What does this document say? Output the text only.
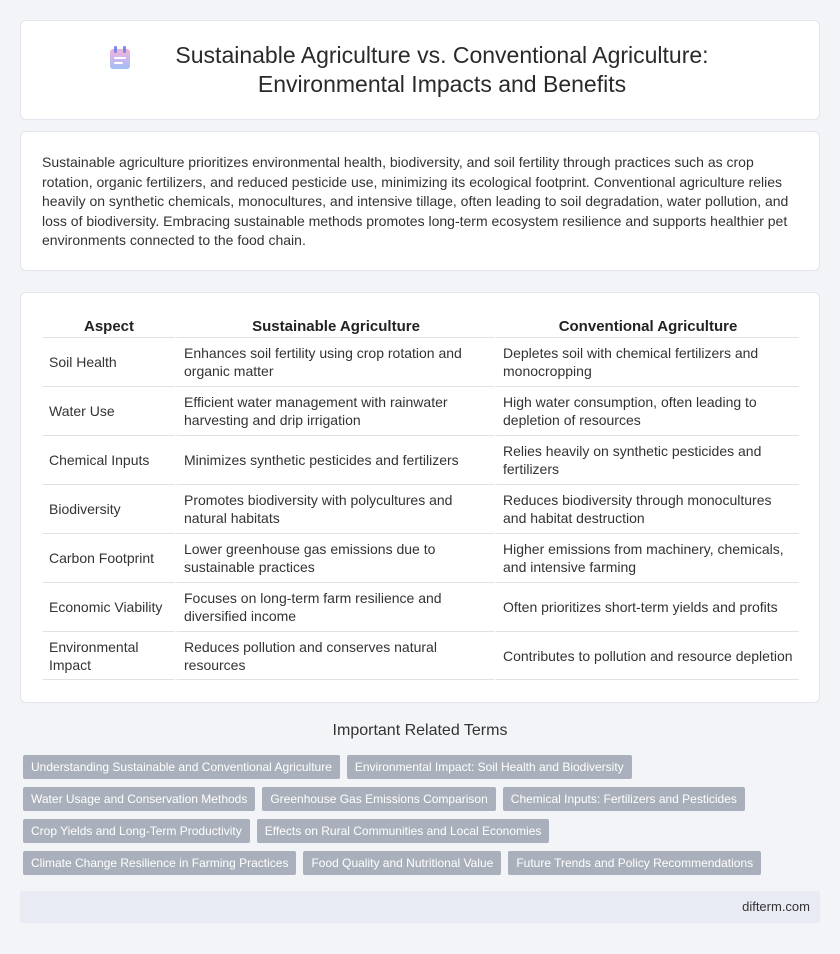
Sustainable Agriculture vs. Conventional Agriculture: Environmental Impacts and Benefits

Sustainable agriculture prioritizes environmental health, biodiversity, and soil fertility through practices such as crop rotation, organic fertilizers, and reduced pesticide use, minimizing its ecological footprint. Conventional agriculture relies heavily on synthetic chemicals, monocultures, and intensive tillage, often leading to soil degradation, water pollution, and loss of biodiversity. Embracing sustainable methods promotes long-term ecosystem resilience and supports healthier pet environments connected to the food chain.

Aspect	Sustainable Agriculture	Conventional Agriculture
Soil Health	Enhances soil fertility using crop rotation and organic matter	Depletes soil with chemical fertilizers and monocropping
Water Use	Efficient water management with rainwater harvesting and drip irrigation	High water consumption, often leading to depletion of resources
Chemical Inputs	Minimizes synthetic pesticides and fertilizers	Relies heavily on synthetic pesticides and fertilizers
Biodiversity	Promotes biodiversity with polycultures and natural habitats	Reduces biodiversity through monocultures and habitat destruction
Carbon Footprint	Lower greenhouse gas emissions due to sustainable practices	Higher emissions from machinery, chemicals, and intensive farming
Economic Viability	Focuses on long-term farm resilience and diversified income	Often prioritizes short-term yields and profits
Environmental Impact	Reduces pollution and conserves natural resources	Contributes to pollution and resource depletion
Important Related Terms
Understanding Sustainable and Conventional Agriculture	Environmental Impact: Soil Health and Biodiversity
Water Usage and Conservation Methods	Greenhouse Gas Emissions Comparison	Chemical Inputs: Fertilizers and Pesticides
Crop Yields and Long-Term Productivity	Effects on Rural Communities and Local Economies
Climate Change Resilience in Farming Practices	Food Quality and Nutritional Value	Future Trends and Policy Recommendations
difterm.com
